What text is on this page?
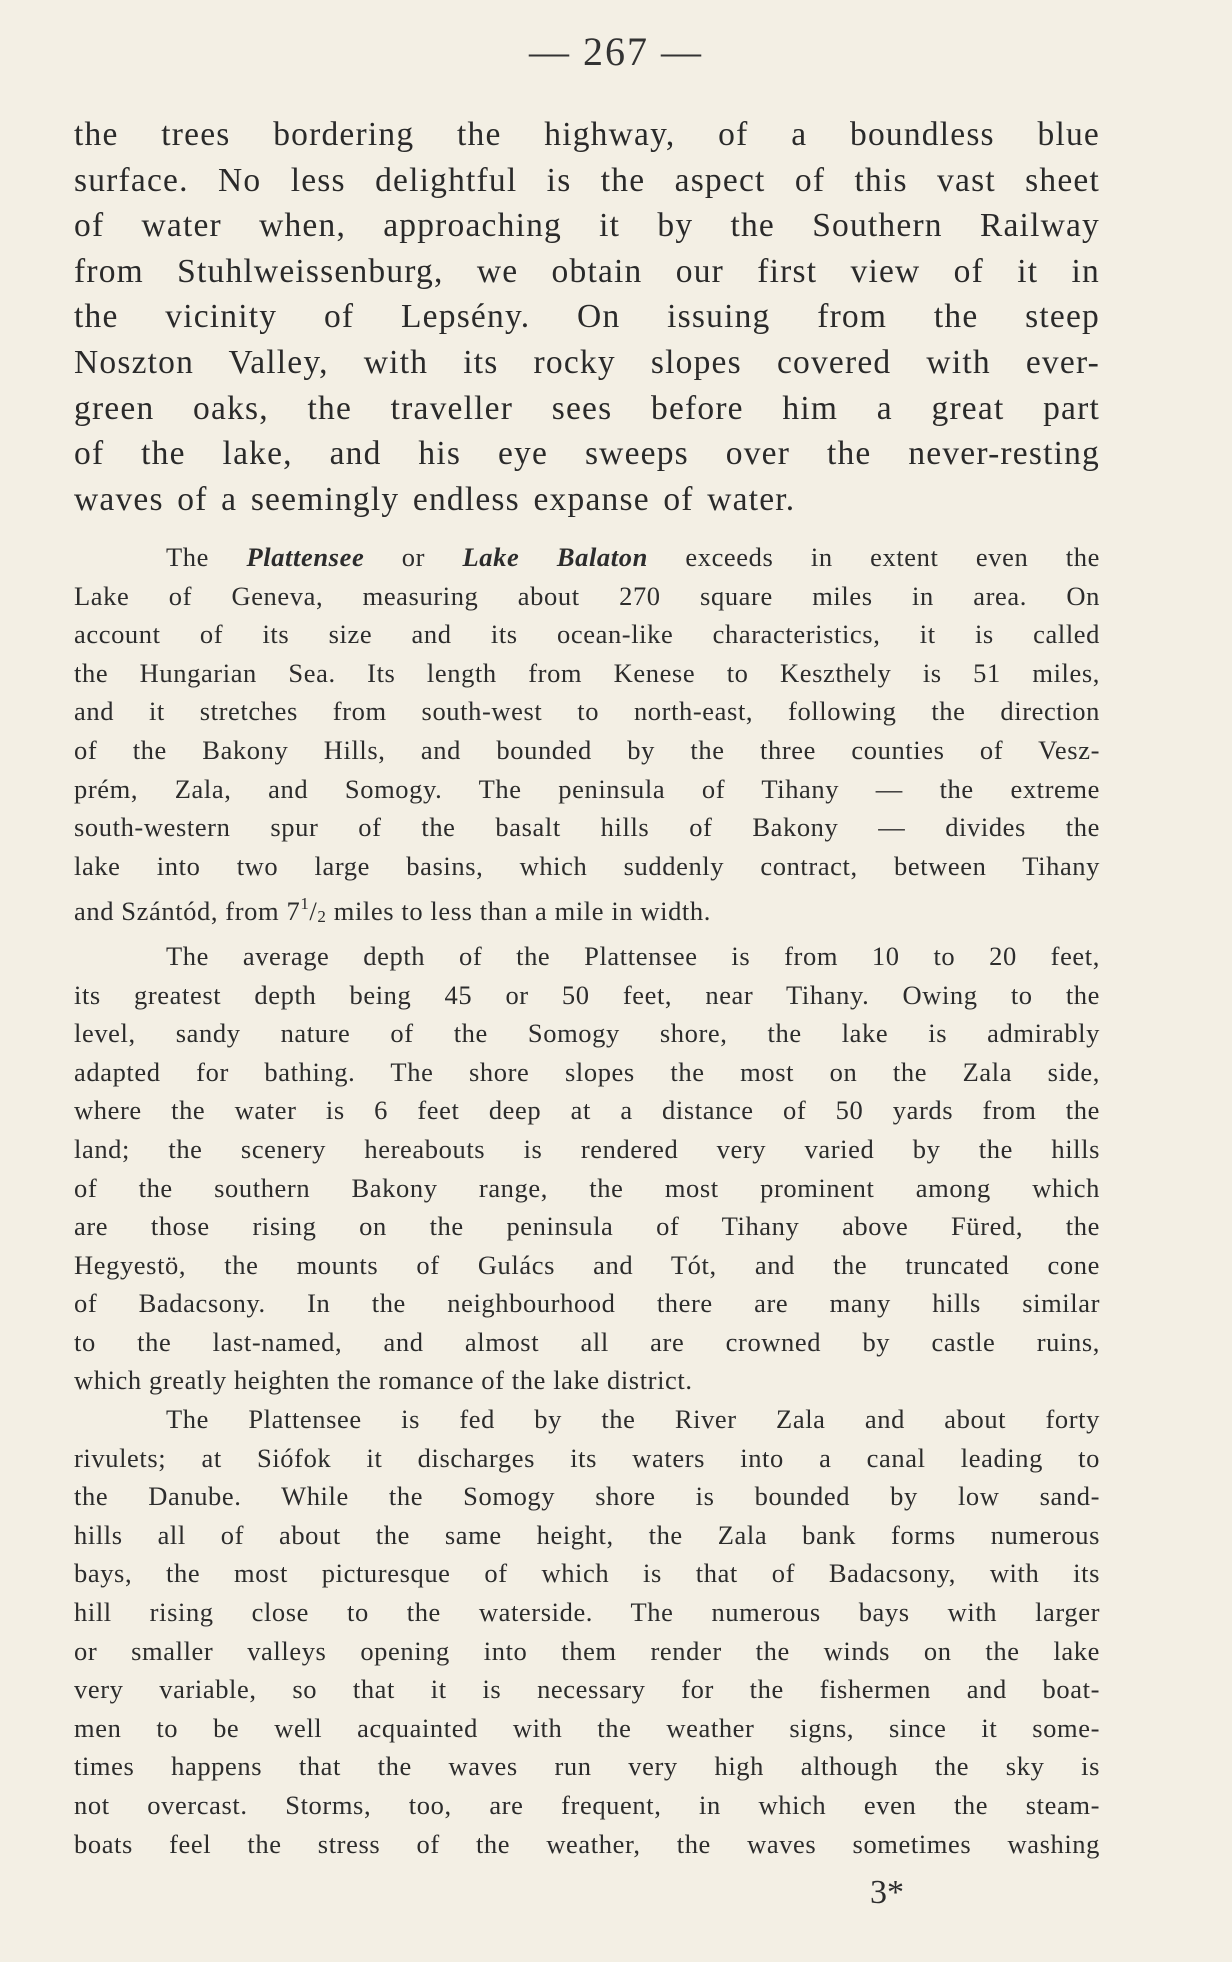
— 267 —
the trees bordering the highway, of a boundless blue
surface. No less delightful is the aspect of this vast sheet
of water when, approaching it by the Southern Railway
from Stuhlweissenburg, we obtain our first view of it in
the vicinity of Lepsény. On issuing from the steep
Noszton Valley, with its rocky slopes covered with ever-
green oaks, the traveller sees before him a great part
of the lake, and his eye sweeps over the never-resting
waves of a seemingly endless expanse of water.
The Plattensee or Lake Balaton exceeds in extent even the
Lake of Geneva, measuring about 270 square miles in area. On
account of its size and its ocean-like characteristics, it is called
the Hungarian Sea. Its length from Kenese to Keszthely is 51 miles,
and it stretches from south-west to north-east, following the direction
of the Bakony Hills, and bounded by the three counties of Vesz-
prém, Zala, and Somogy. The peninsula of Tihany — the extreme
south-western spur of the basalt hills of Bakony — divides the
lake into two large basins, which suddenly contract, between Tihany
and Szántód, from $7^1/2$ miles to less than a mile in width.
The average depth of the Plattensee is from 10 to 20 feet,
its greatest depth being 45 or 50 feet, near Tihany. Owing to the
level, sandy nature of the Somogy shore, the lake is admirably
adapted for bathing. The shore slopes the most on the Zala side,
where the water is 6 feet deep at a distance of 50 yards from the
land; the scenery hereabouts is rendered very varied by the hills
of the southern Bakony range, the most prominent among which
are those rising on the peninsula of Tihany above Füred, the
Hegyestö, the mounts of Gulács and Tót, and the truncated cone
of Badacsony. In the neighbourhood there are many hills similar
to the last-named, and almost all are crowned by castle ruins,
which greatly heighten the romance of the lake district.
The Plattensee is fed by the River Zala and about forty
rivulets; at Siófok it discharges its waters into a canal leading to
the Danube. While the Somogy shore is bounded by low sand-
hills all of about the same height, the Zala bank forms numerous
bays, the most picturesque of which is that of Badacsony, with its
hill rising close to the waterside. The numerous bays with larger
or smaller valleys opening into them render the winds on the lake
very variable, so that it is necessary for the fishermen and boat-
men to be well acquainted with the weather signs, since it some-
times happens that the waves run very high although the sky is
not overcast. Storms, too, are frequent, in which even the steam-
boats feel the stress of the weather, the waves sometimes washing
3*
